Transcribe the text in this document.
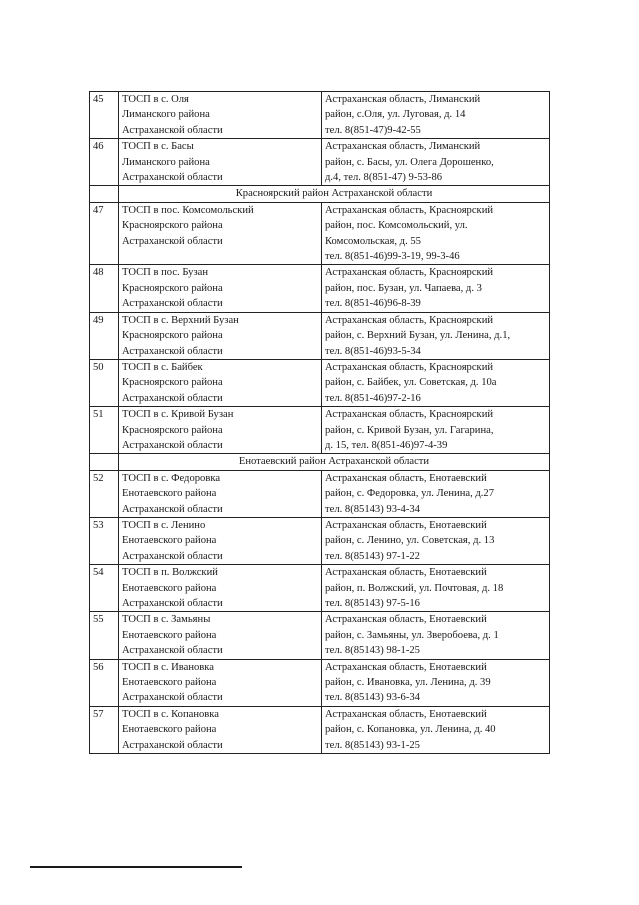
45	ТОСП в с. Оля
Лиманского района
Астраханской области	Астраханская область, Лиманский
район, с.Оля, ул. Луговая, д. 14
тел. 8(851-47)9-42-55

46	ТОСП в с. Басы
Лиманского района
Астраханской области	Астраханская область, Лиманский
район, с. Басы, ул. Олега Дорошенко,
д.4, тел. 8(851-47) 9-53-86

	Красноярский район Астраханской области	
47	ТОСП в пос. Комсомольский
Красноярского района
Астраханской области	Астраханская область, Красноярский
район, пос. Комсомольский, ул.
Комсомольская, д. 55
тел. 8(851-46)99-3-19, 99-3-46

48	ТОСП в пос. Бузан
Красноярского района
Астраханской области	Астраханская область, Красноярский
район, пос. Бузан, ул. Чапаева, д. 3
тел. 8(851-46)96-8-39

49	ТОСП в с. Верхний Бузан
Красноярского района
Астраханской области	Астраханская область, Красноярский
район, с. Верхний Бузан, ул. Ленина, д.1,
тел. 8(851-46)93-5-34

50	ТОСП в с. Байбек
Красноярского района
Астраханской области	Астраханская область, Красноярский
район, с. Байбек, ул. Советская, д. 10а
тел. 8(851-46)97-2-16

51	ТОСП в с. Кривой Бузан
Красноярского района
Астраханской области	Астраханская область, Красноярский
район, с. Кривой Бузан, ул. Гагарина,
д. 15, тел. 8(851-46)97-4-39

	Енотаевский район Астраханской области	
52	ТОСП в с. Федоровка
Енотаевского района
Астраханской области	Астраханская область, Енотаевский
район, с. Федоровка, ул. Ленина, д.27
тел. 8(85143) 93-4-34

53	ТОСП в с. Ленино
Енотаевского района
Астраханской области	Астраханская область, Енотаевский
район, с. Ленино, ул. Советская, д. 13
тел. 8(85143) 97-1-22

54	ТОСП в п. Волжский
Енотаевского района
Астраханской области	Астраханская область, Енотаевский
район, п. Волжский, ул. Почтовая, д. 18
тел. 8(85143) 97-5-16

55	ТОСП в с. Замьяны
Енотаевского района
Астраханской области	Астраханская область, Енотаевский
район, с. Замьяны, ул. Зверобоева, д. 1
тел. 8(85143) 98-1-25

56	ТОСП в с. Ивановка
Енотаевского района
Астраханской области	Астраханская область, Енотаевский
район, с. Ивановка, ул. Ленина, д. 39
тел. 8(85143) 93-6-34

57	ТОСП в с. Копановка
Енотаевского района
Астраханской области	Астраханская область, Енотаевский
район, с. Копановка, ул. Ленина, д. 40
тел. 8(85143) 93-1-25
